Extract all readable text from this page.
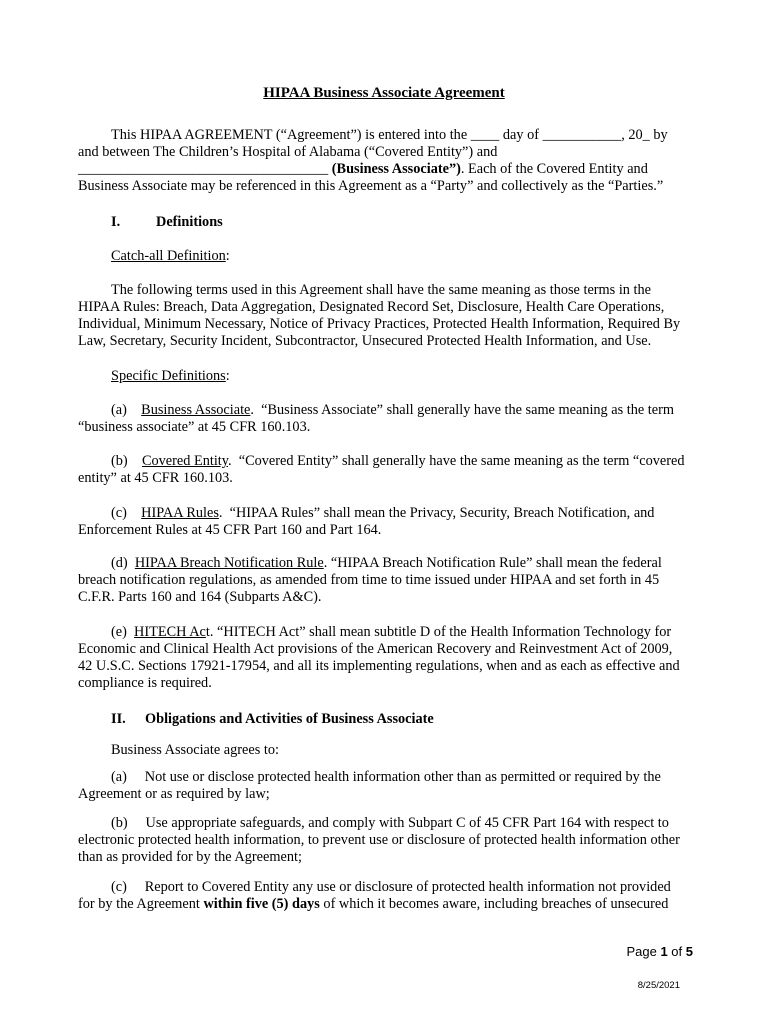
HIPAA Business Associate Agreement

This HIPAA AGREEMENT (“Agreement”) is entered into the ____ day of ___________, 20_ by and between The Children’s Hospital of Alabama (“Covered Entity”) and ___________________________________ (Business Associate”). Each of the Covered Entity and Business Associate may be referenced in this Agreement as a “Party” and collectively as the “Parties.”

I.	Definitions

Catch-all Definition:

The following terms used in this Agreement shall have the same meaning as those terms in the HIPAA Rules: Breach, Data Aggregation, Designated Record Set, Disclosure, Health Care Operations, Individual, Minimum Necessary, Notice of Privacy Practices, Protected Health Information, Required By Law, Secretary, Security Incident, Subcontractor, Unsecured Protected Health Information, and Use.

Specific Definitions:

(a)    Business Associate.  “Business Associate” shall generally have the same meaning as the term “business associate” at 45 CFR 160.103.

(b)    Covered Entity.  “Covered Entity” shall generally have the same meaning as the term “covered entity” at 45 CFR 160.103.

(c)    HIPAA Rules.  “HIPAA Rules” shall mean the Privacy, Security, Breach Notification, and Enforcement Rules at 45 CFR Part 160 and Part 164.

(d)  HIPAA Breach Notification Rule. “HIPAA Breach Notification Rule” shall mean the federal breach notification regulations, as amended from time to time issued under HIPAA and set forth in 45 C.F.R. Parts 160 and 164 (Subparts A&C).

(e)  HITECH Act. “HITECH Act” shall mean subtitle D of the Health Information Technology for Economic and Clinical Health Act provisions of the American Recovery and Reinvestment Act of 2009, 42 U.S.C. Sections 17921-17954, and all its implementing regulations, when and as each as effective and compliance is required.

II.	Obligations and Activities of Business Associate

Business Associate agrees to:

(a)     Not use or disclose protected health information other than as permitted or required by the Agreement or as required by law;

(b)     Use appropriate safeguards, and comply with Subpart C of 45 CFR Part 164 with respect to electronic protected health information, to prevent use or disclosure of protected health information other than as provided for by the Agreement;

(c)     Report to Covered Entity any use or disclosure of protected health information not provided for by the Agreement within five (5) days of which it becomes aware, including breaches of unsecured

Page 1 of 5
8/25/2021
